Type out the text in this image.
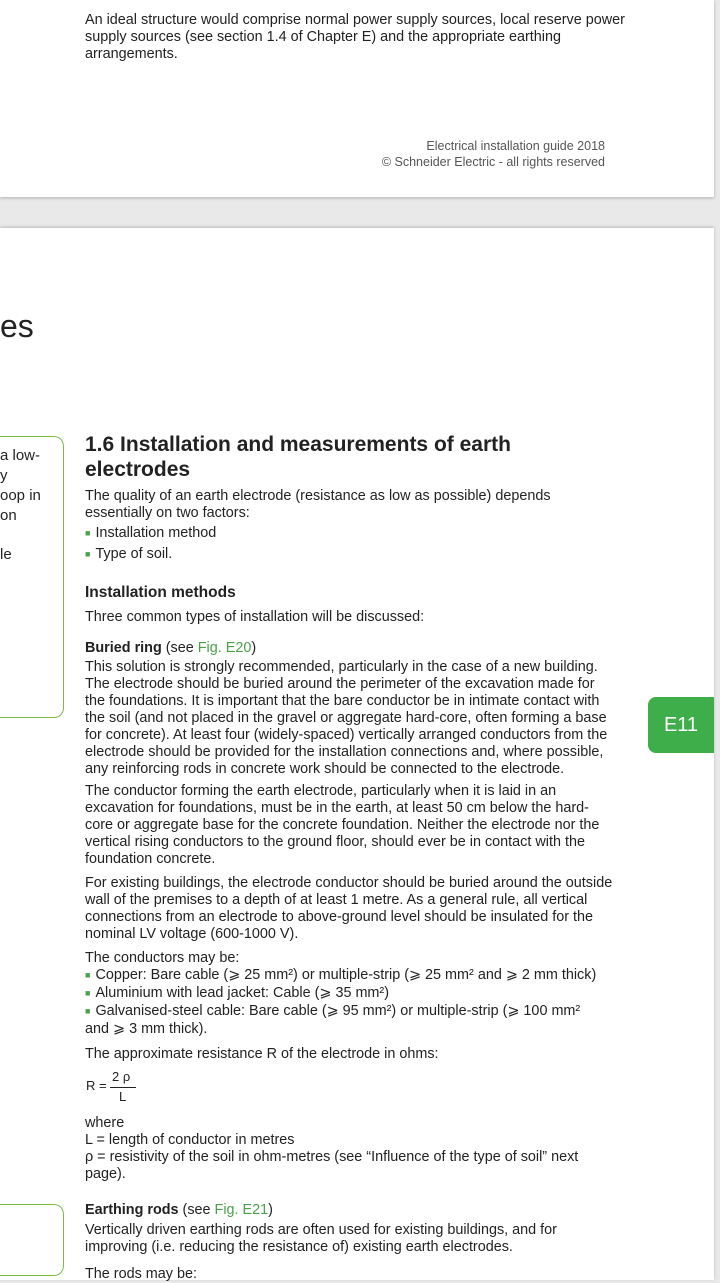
An ideal structure would comprise normal power supply sources, local reserve power supply sources (see section 1.4 of Chapter E) and the appropriate earthing arrangements.

Electrical installation guide 2018
© Schneider Electric - all rights reserved
es
a low-
y
oop in
on
le
E11
1.6 Installation and measurements of earth
electrodes
The quality of an earth electrode (resistance as low as possible) depends
essentially on two factors:
■ Installation method
■ Type of soil.
Installation methods
Three common types of installation will be discussed:
Buried ring (see Fig. E20)
This solution is strongly recommended, particularly in the case of a new building.
The electrode should be buried around the perimeter of the excavation made for
the foundations. It is important that the bare conductor be in intimate contact with
the soil (and not placed in the gravel or aggregate hard-core, often forming a base
for concrete). At least four (widely-spaced) vertically arranged conductors from the
electrode should be provided for the installation connections and, where possible,
any reinforcing rods in concrete work should be connected to the electrode.
The conductor forming the earth electrode, particularly when it is laid in an
excavation for foundations, must be in the earth, at least 50 cm below the hard-
core or aggregate base for the concrete foundation. Neither the electrode nor the
vertical rising conductors to the ground floor, should ever be in contact with the
foundation concrete.
For existing buildings, the electrode conductor should be buried around the outside
wall of the premises to a depth of at least 1 metre. As a general rule, all vertical
connections from an electrode to above-ground level should be insulated for the
nominal LV voltage (600-1000 V).
The conductors may be:
■ Copper: Bare cable (⩾ 25 mm²) or multiple-strip (⩾ 25 mm² and ⩾ 2 mm thick)
■ Aluminium with lead jacket: Cable (⩾ 35 mm²)
■ Galvanised-steel cable: Bare cable (⩾ 95 mm²) or multiple-strip (⩾ 100 mm²
and ⩾ 3 mm thick).
The approximate resistance R of the electrode in ohms:
R =
2 ρ
L
where
L = length of conductor in metres
ρ = resistivity of the soil in ohm-metres (see “Influence of the type of soil” next
page).
Earthing rods (see Fig. E21)
Vertically driven earthing rods are often used for existing buildings, and for
improving (i.e. reducing the resistance of) existing earth electrodes.
The rods may be:
